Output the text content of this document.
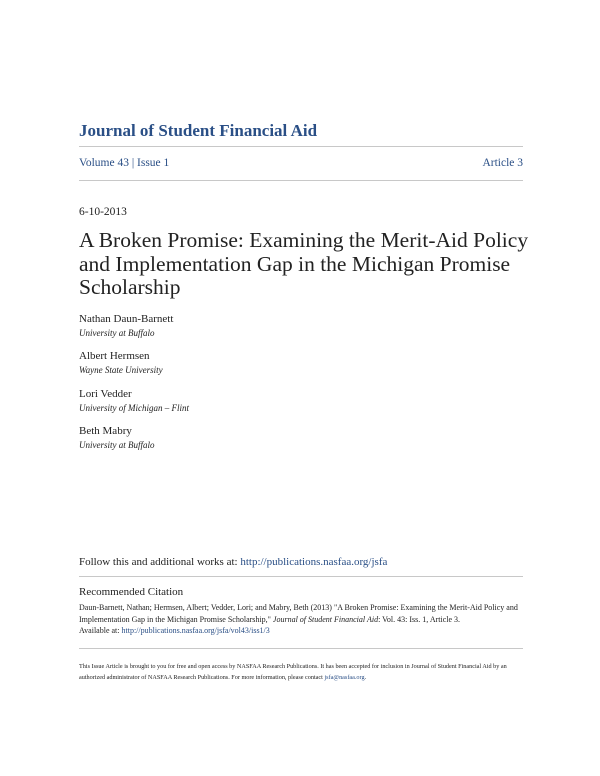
Journal of Student Financial Aid
Volume 43 | Issue 1	Article 3
6-10-2013
A Broken Promise: Examining the Merit-Aid Policy and Implementation Gap in the Michigan Promise Scholarship
Nathan Daun-Barnett
University at Buffalo
Albert Hermsen
Wayne State University
Lori Vedder
University of Michigan – Flint
Beth Mabry
University at Buffalo
Follow this and additional works at: http://publications.nasfaa.org/jsfa
Recommended Citation
Daun-Barnett, Nathan; Hermsen, Albert; Vedder, Lori; and Mabry, Beth (2013) "A Broken Promise: Examining the Merit-Aid Policy and Implementation Gap in the Michigan Promise Scholarship," Journal of Student Financial Aid: Vol. 43: Iss. 1, Article 3.
Available at: http://publications.nasfaa.org/jsfa/vol43/iss1/3
This Issue Article is brought to you for free and open access by NASFAA Research Publications. It has been accepted for inclusion in Journal of Student Financial Aid by an authorized administrator of NASFAA Research Publications. For more information, please contact jsfa@nasfaa.org.
